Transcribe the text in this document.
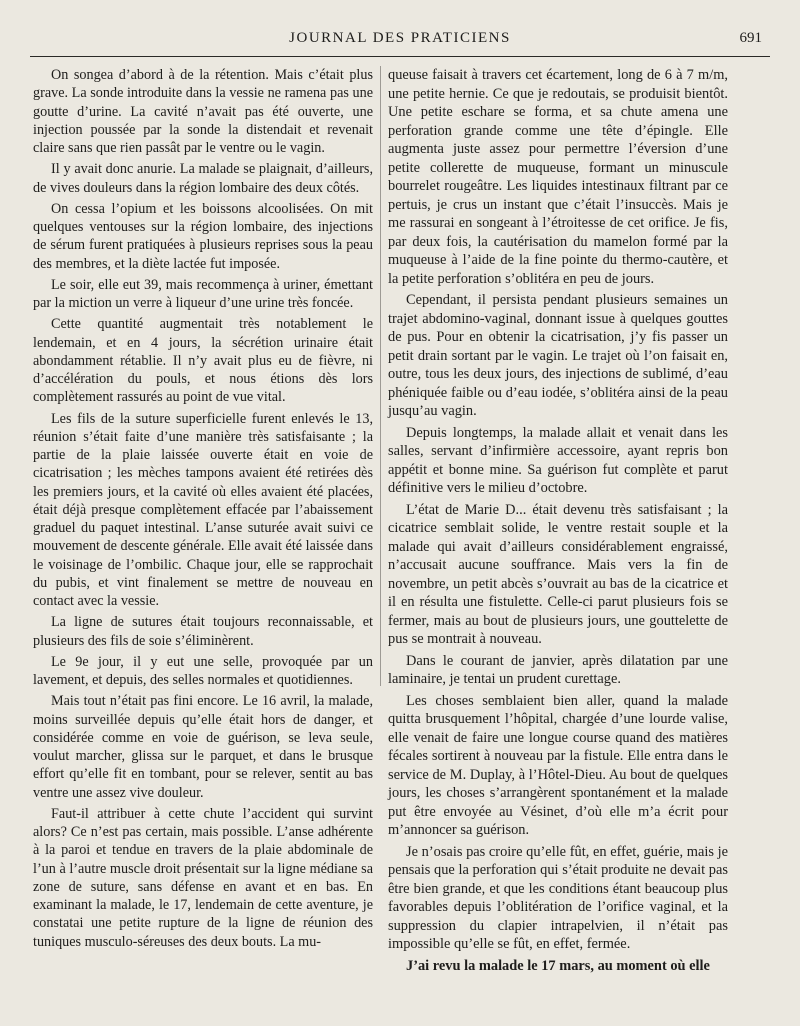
JOURNAL DES PRATICIENS	691

On songea d’abord à de la rétention. Mais c’était plus grave. La sonde introduite dans la vessie ne ramena pas une goutte d’urine. La cavité n’avait pas été ouverte, une injection poussée par la sonde la distendait et revenait claire sans que rien passât par le ventre ou le vagin.

Il y avait donc anurie. La malade se plaignait, d’ailleurs, de vives douleurs dans la région lombaire des deux côtés.

On cessa l’opium et les boissons alcoolisées. On mit quelques ventouses sur la région lombaire, des injections de sérum furent pratiquées à plusieurs reprises sous la peau des membres, et la diète lactée fut imposée.

Le soir, elle eut 39, mais recommença à uriner, émettant par la miction un verre à liqueur d’une urine très foncée.

Cette quantité augmentait très notablement le lendemain, et en 4 jours, la sécrétion urinaire était abondamment rétablie. Il n’y avait plus eu de fièvre, ni d’accélération du pouls, et nous étions dès lors complètement rassurés au point de vue vital.

Les fils de la suture superficielle furent enlevés le 13, réunion s’était faite d’une manière très satisfaisante ; la partie de la plaie laissée ouverte était en voie de cicatrisation ; les mèches tampons avaient été retirées dès les premiers jours, et la cavité où elles avaient été placées, était déjà presque complètement effacée par l’abaissement graduel du paquet intestinal. L’anse suturée avait suivi ce mouvement de descente générale. Elle avait été laissée dans le voisinage de l’ombilic. Chaque jour, elle se rapprochait du pubis, et vint finalement se mettre de nouveau en contact avec la vessie.

La ligne de sutures était toujours reconnaissable, et plusieurs des fils de soie s’éliminèrent.

Le 9e jour, il y eut une selle, provoquée par un lavement, et depuis, des selles normales et quotidiennes.

Mais tout n’était pas fini encore. Le 16 avril, la malade, moins surveillée depuis qu’elle était hors de danger, et considérée comme en voie de guérison, se leva seule, voulut marcher, glissa sur le parquet, et dans le brusque effort qu’elle fit en tombant, pour se relever, sentit au bas ventre une assez vive douleur.

Faut-il attribuer à cette chute l’accident qui survint alors? Ce n’est pas certain, mais possible. L’anse adhérente à la paroi et tendue en travers de la plaie abdominale de l’un à l’autre muscle droit présentait sur la ligne médiane sa zone de suture, sans défense en avant et en bas. En examinant la malade, le 17, lendemain de cette aventure, je constatai une petite rupture de la ligne de réunion des tuniques musculo-séreuses des deux bouts. La mu-

queuse faisait à travers cet écartement, long de 6 à 7 m/m, une petite hernie. Ce que je redoutais, se produisit bientôt. Une petite eschare se forma, et sa chute amena une perforation grande comme une tête d’épingle. Elle augmenta juste assez pour permettre l’éversion d’une petite collerette de muqueuse, formant un minuscule bourrelet rougeâtre. Les liquides intestinaux filtrant par ce pertuis, je crus un instant que c’était l’insuccès. Mais je me rassurai en songeant à l’étroitesse de cet orifice. Je fis, par deux fois, la cautérisation du mamelon formé par la muqueuse à l’aide de la fine pointe du thermo-cautère, et la petite perforation s’oblitéra en peu de jours.

Cependant, il persista pendant plusieurs semaines un trajet abdomino-vaginal, donnant issue à quelques gouttes de pus. Pour en obtenir la cicatrisation, j’y fis passer un petit drain sortant par le vagin. Le trajet où l’on faisait en, outre, tous les deux jours, des injections de sublimé, d’eau phéniquée faible ou d’eau iodée, s’oblitéra ainsi de la peau jusqu’au vagin.

Depuis longtemps, la malade allait et venait dans les salles, servant d’infirmière accessoire, ayant repris bon appétit et bonne mine. Sa guérison fut complète et parut définitive vers le milieu d’octobre.

L’état de Marie D... était devenu très satisfaisant ; la cicatrice semblait solide, le ventre restait souple et la malade qui avait d’ailleurs considérablement engraissé, n’accusait aucune souffrance. Mais vers la fin de novembre, un petit abcès s’ouvrait au bas de la cicatrice et il en résulta une fistulette. Celle-ci parut plusieurs fois se fermer, mais au bout de plusieurs jours, une gouttelette de pus se montrait à nouveau.

Dans le courant de janvier, après dilatation par une laminaire, je tentai un prudent curettage.

Les choses semblaient bien aller, quand la malade quitta brusquement l’hôpital, chargée d’une lourde valise, elle venait de faire une longue course quand des matières fécales sortirent à nouveau par la fistule. Elle entra dans le service de M. Duplay, à l’Hôtel-Dieu. Au bout de quelques jours, les choses s’arrangèrent spontanément et la malade put être envoyée au Vésinet, d’où elle m’a écrit pour m’annoncer sa guérison.

Je n’osais pas croire qu’elle fût, en effet, guérie, mais je pensais que la perforation qui s’était produite ne devait pas être bien grande, et que les conditions étant beaucoup plus favorables depuis l’oblitération de l’orifice vaginal, et la suppression du clapier intrapelvien, il n’était pas impossible qu’elle se fût, en effet, fermée.

J’ai revu la malade le 17 mars, au moment où elle
